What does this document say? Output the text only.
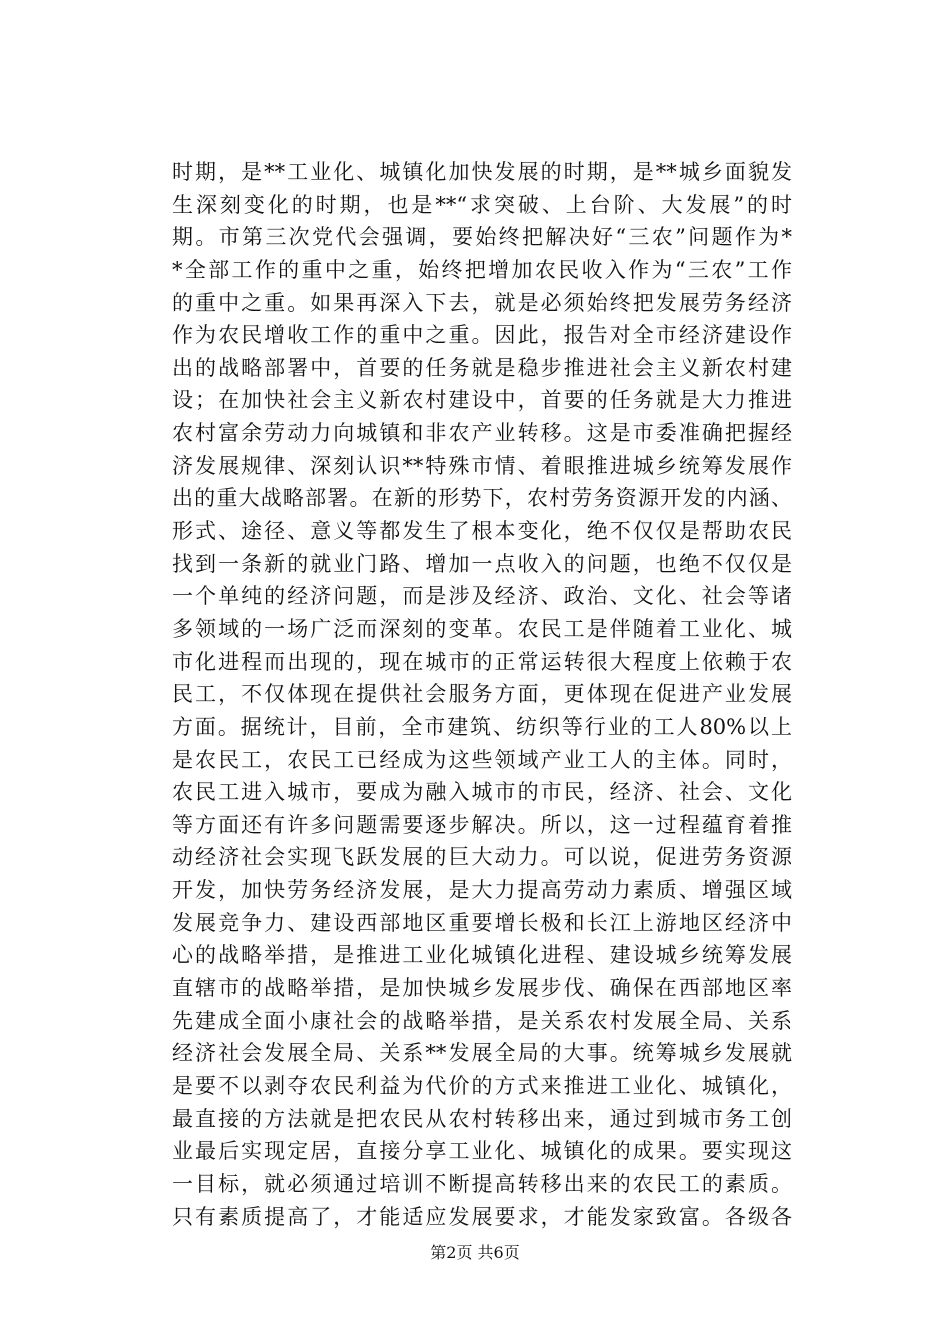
时期，是**工业化、城镇化加快发展的时期，是**城乡面貌发
生深刻变化的时期，也是**“求突破、上台阶、大发展”的时
期。市第三次党代会强调，要始终把解决好“三农”问题作为*
*全部工作的重中之重，始终把增加农民收入作为“三农”工作
的重中之重。如果再深入下去，就是必须始终把发展劳务经济
作为农民增收工作的重中之重。因此，报告对全市经济建设作
出的战略部署中，首要的任务就是稳步推进社会主义新农村建
设；在加快社会主义新农村建设中，首要的任务就是大力推进
农村富余劳动力向城镇和非农产业转移。这是市委准确把握经
济发展规律、深刻认识**特殊市情、着眼推进城乡统筹发展作
出的重大战略部署。在新的形势下，农村劳务资源开发的内涵、
形式、途径、意义等都发生了根本变化，绝不仅仅是帮助农民
找到一条新的就业门路、增加一点收入的问题，也绝不仅仅是
一个单纯的经济问题，而是涉及经济、政治、文化、社会等诸
多领域的一场广泛而深刻的变革。农民工是伴随着工业化、城
市化进程而出现的，现在城市的正常运转很大程度上依赖于农
民工，不仅体现在提供社会服务方面，更体现在促进产业发展
方面。据统计，目前，全市建筑、纺织等行业的工人80%以上
是农民工，农民工已经成为这些领域产业工人的主体。同时，
农民工进入城市，要成为融入城市的市民，经济、社会、文化
等方面还有许多问题需要逐步解决。所以，这一过程蕴育着推
动经济社会实现飞跃发展的巨大动力。可以说，促进劳务资源
开发，加快劳务经济发展，是大力提高劳动力素质、增强区域
发展竞争力、建设西部地区重要增长极和长江上游地区经济中
心的战略举措，是推进工业化城镇化进程、建设城乡统筹发展
直辖市的战略举措，是加快城乡发展步伐、确保在西部地区率
先建成全面小康社会的战略举措，是关系农村发展全局、关系
经济社会发展全局、关系**发展全局的大事。统筹城乡发展就
是要不以剥夺农民利益为代价的方式来推进工业化、城镇化，
最直接的方法就是把农民从农村转移出来，通过到城市务工创
业最后实现定居，直接分享工业化、城镇化的成果。要实现这
一目标，就必须通过培训不断提高转移出来的农民工的素质。
只有素质提高了，才能适应发展要求，才能发家致富。各级各
第2页 共6页
